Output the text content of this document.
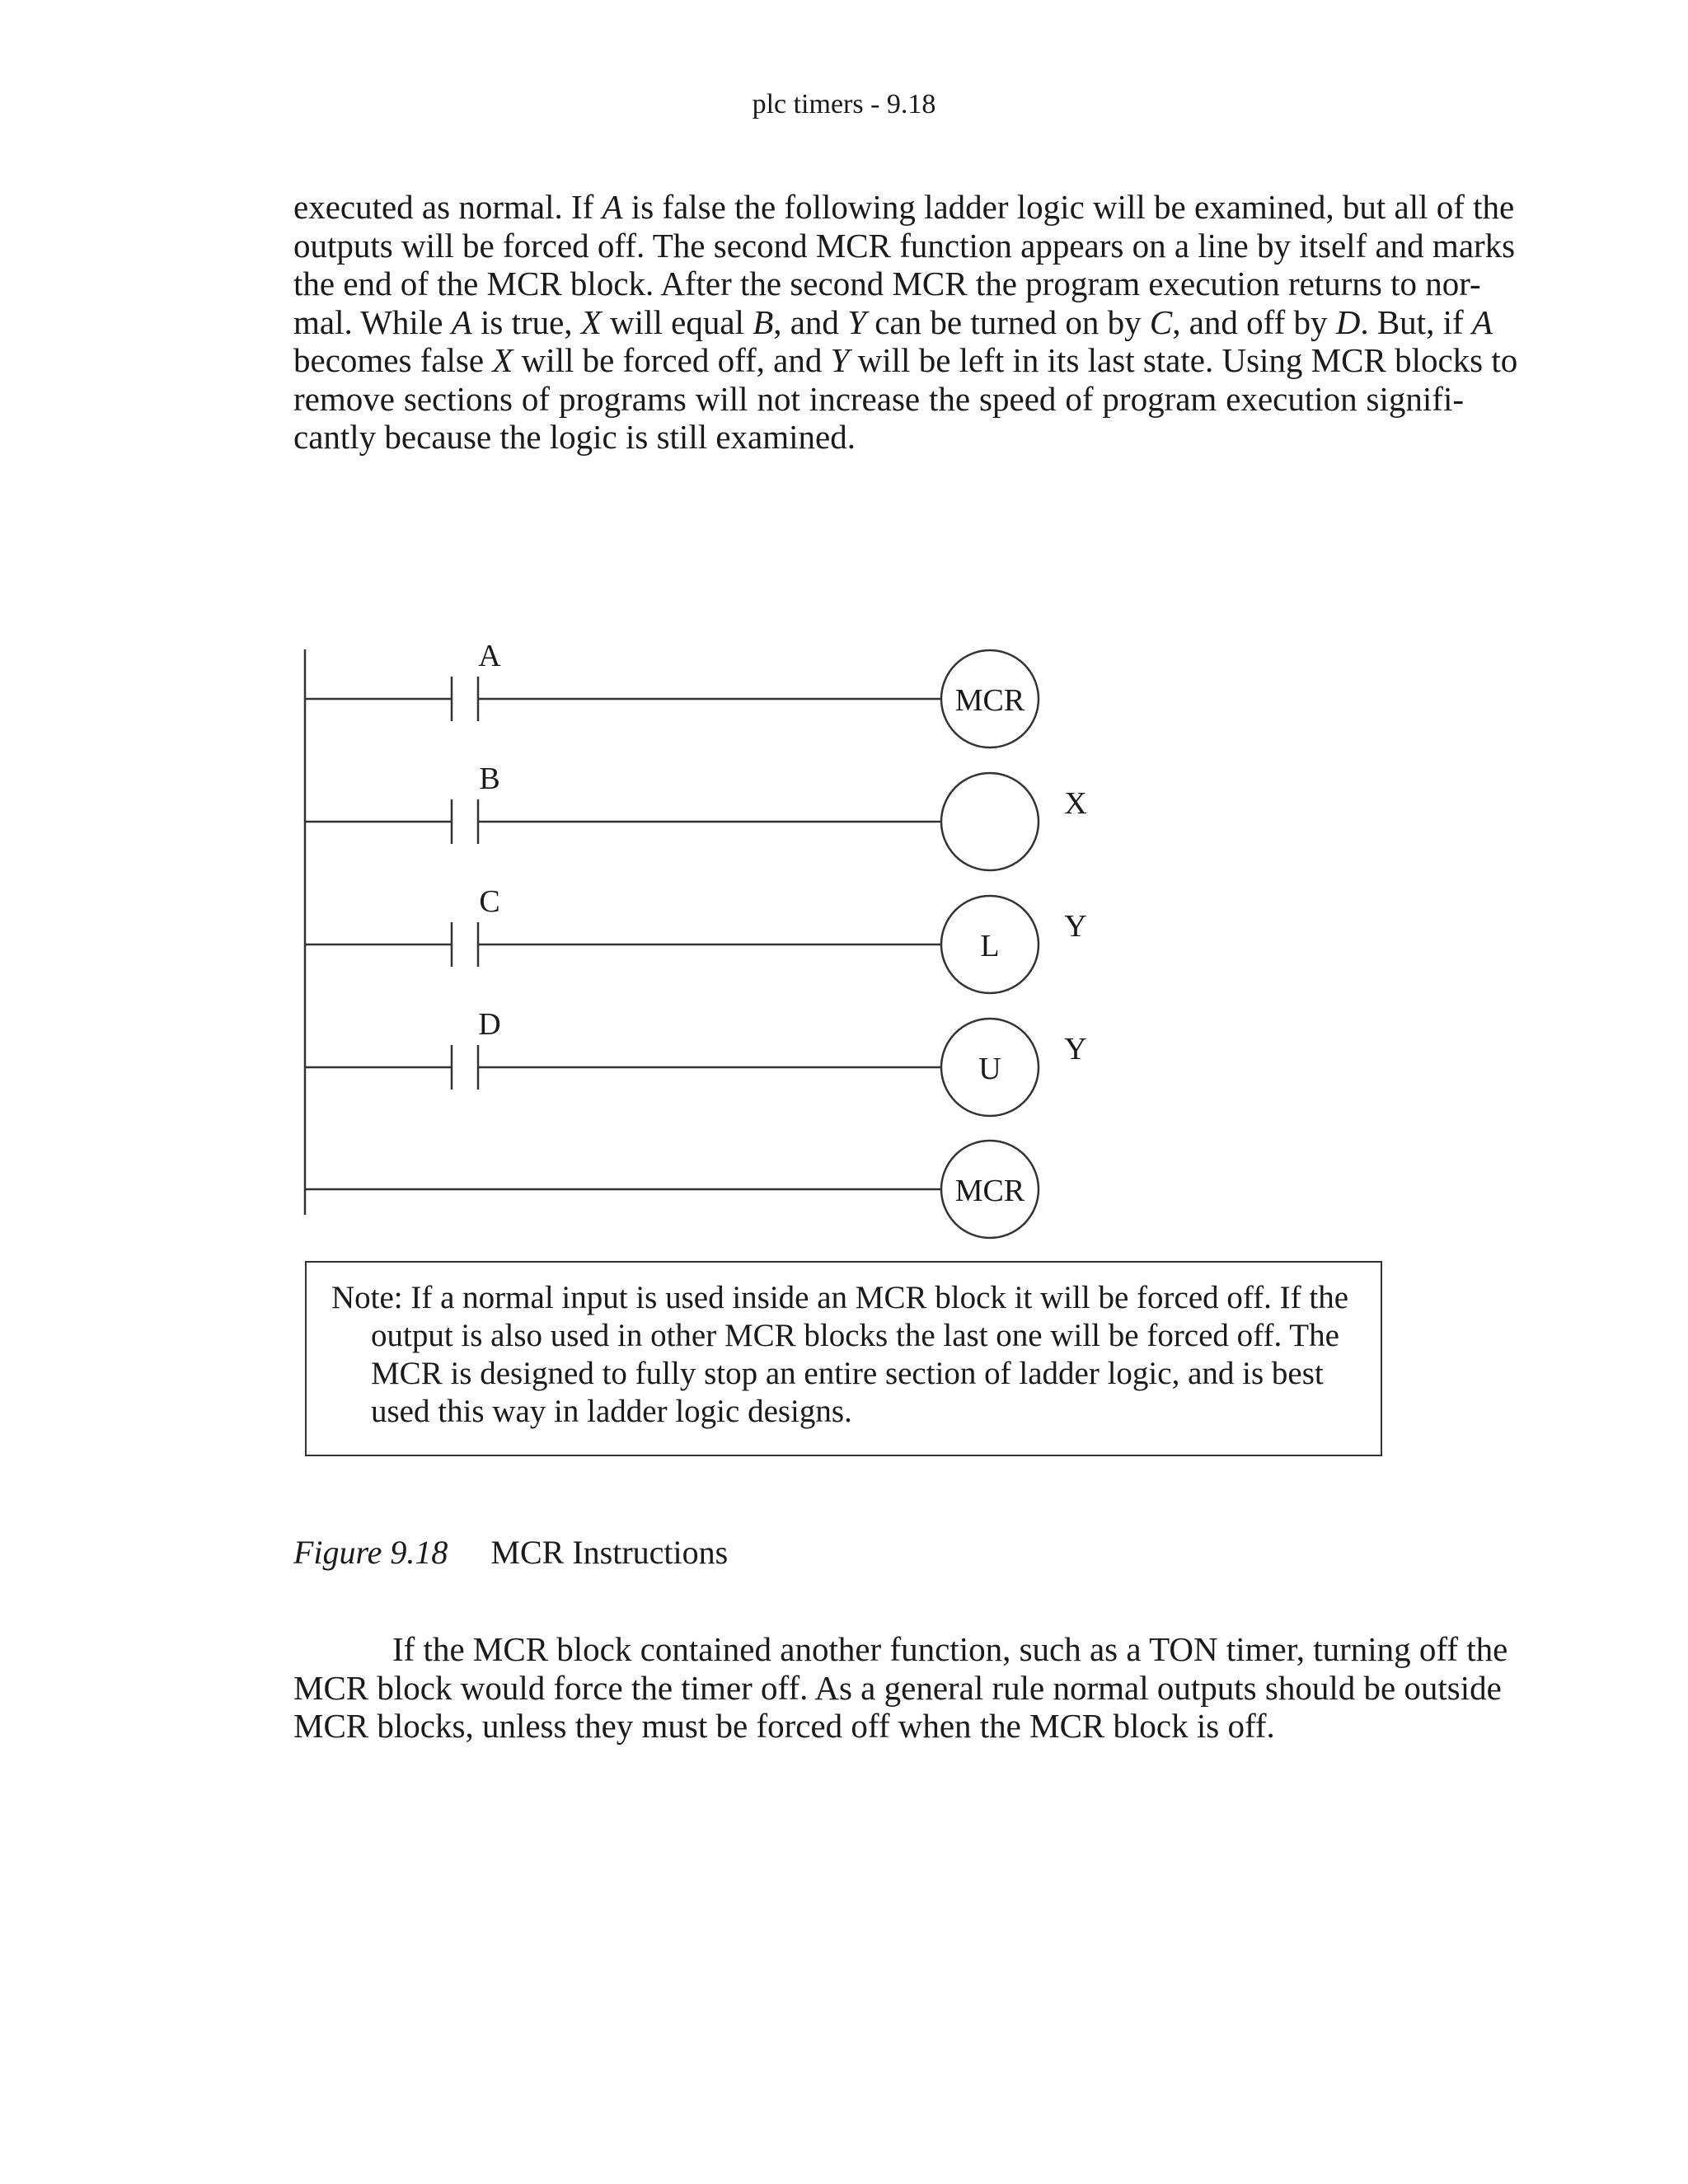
plc timers - 9.18

executed as normal. If A is false the following ladder logic will be examined, but all of the
outputs will be forced off. The second MCR function appears on a line by itself and marks
the end of the MCR block. After the second MCR the program execution returns to nor-
mal. While A is true, X will equal B, and Y can be turned on by C, and off by D. But, if A
becomes false X will be forced off, and Y will be left in its last state. Using MCR blocks to
remove sections of programs will not increase the speed of program execution signifi-
cantly because the logic is still examined.

A
MCR
B
X
C
L
Y
D
U
Y
MCR
Note: If a normal input is used inside an MCR block it will be forced off. If the
output is also used in other MCR blocks the last one will be forced off. The
MCR is designed to fully stop an entire section of ladder logic, and is best
used this way in ladder logic designs.
Figure 9.18 MCR Instructions

If the MCR block contained another function, such as a TON timer, turning off the
MCR block would force the timer off. As a general rule normal outputs should be outside
MCR blocks, unless they must be forced off when the MCR block is off.
